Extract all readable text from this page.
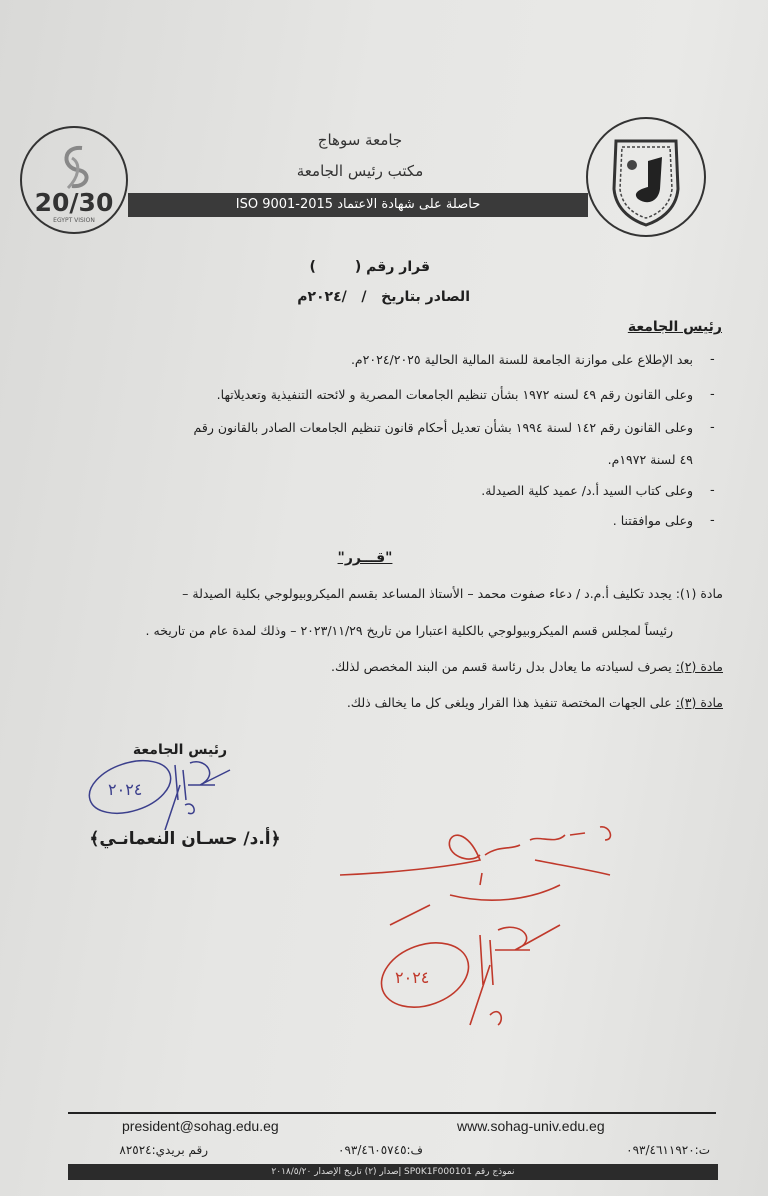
20/30
EGYPT VISION
جامعة سوهاج
مكتب رئيس الجامعة
حاصلة على شهادة الاعتماد ISO 9001-2015
قرار رقم (        )
الصادر بتاريخ   /   /٢٠٢٤م
رئيس الجامعة
-
بعد الإطلاع على موازنة الجامعة للسنة المالية الحالية ٢٠٢٤/٢٠٢٥م.
-
وعلى القانون رقم ٤٩ لسنه ١٩٧٢ بشأن تنظيم الجامعات المصرية و لائحته التنفيذية وتعديلاتها.
-
وعلى القانون رقم ١٤٢ لسنة ١٩٩٤ بشأن تعديل أحكام قانون تنظيم الجامعات الصادر بالقانون رقم
٤٩ لسنة ١٩٧٢م.
-
وعلى كتاب السيد أ.د/ عميد كلية الصيدلة.
-
وعلى موافقتنا .
"قـــرر"
مادة (١): يجدد تكليف أ.م.د / دعاء صفوت محمد – الأستاذ المساعد بقسم الميكروبيولوجي بكلية الصيدلة –
رئيساً لمجلس قسم الميكروبيولوجي بالكلية اعتبارا من تاريخ ٢٠٢٣/١١/٢٩ – وذلك لمدة عام من تاريخه .
مادة (٢): يصرف لسيادته ما يعادل بدل رئاسة قسم من البند المخصص لذلك.
مادة (٣): على الجهات المختصة تنفيذ هذا القرار ويلغى كل ما يخالف ذلك.
رئيس الجامعة
٢٠٢٤
﴿أ.د/ حسـان النعمانـي﴾
٢٠٢٤
president@sohag.edu.eg	www.sohag-univ.edu.eg
رقم بريدي:٨٢٥٢٤	ف:٠٩٣/٤٦٠٥٧٤٥	ت:٠٩٣/٤٦١١٩٢٠
نموذج رقم SP0K1F000101 إصدار (٢) تاريخ الإصدار ٢٠١٨/٥/٢٠
